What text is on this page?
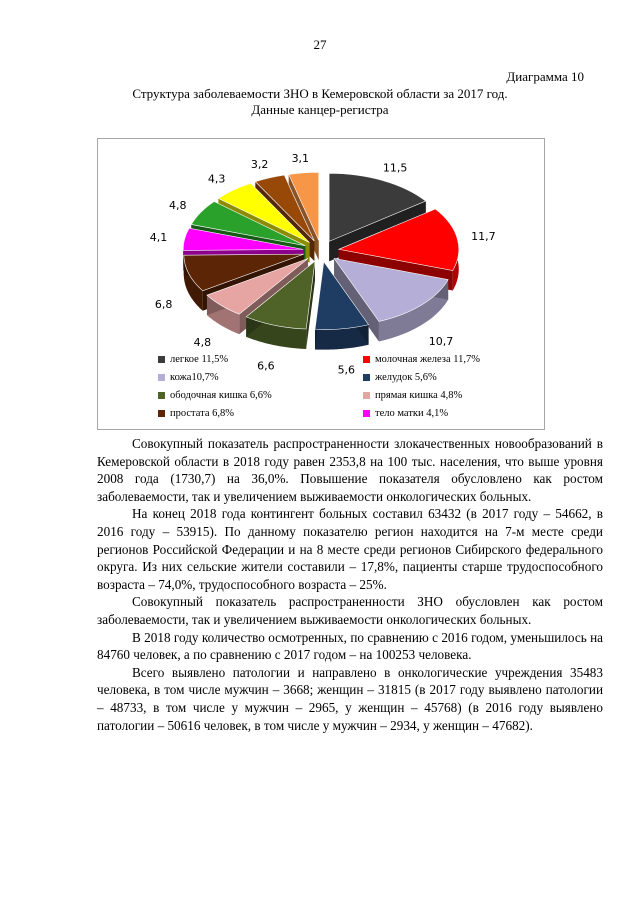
27
Диаграмма 10
Структура заболеваемости ЗНО в Кемеровской области за 2017 год.
Данные канцер-регистра
11,5
11,7
10,7
5,6
6,6
4,8
6,8
4,1
4,8
4,3
3,2 3,1
легкое 11,5%	молочная железа 11,7%
кожа10,7%	желудок 5,6%
ободочная кишка 6,6%	прямая кишка 4,8%
простата 6,8%	тело матки 4,1%

Совокупный показатель распространенности злокачественных новообразований в Кемеровской области в 2018 году равен 2353,8 на 100 тыс. населения, что выше уровня 2008 года (1730,7) на 36,0%. Повышение показателя обусловлено как ростом заболеваемости, так и увеличением выживаемости онкологических больных.

На конец 2018 года контингент больных составил 63432 (в 2017 году – 54662, в 2016 году – 53915). По данному показателю регион находится на 7-м месте среди регионов Российской Федерации и на 8 месте среди регионов Сибирского федерального округа. Из них сельские жители составили – 17,8%, пациенты старше трудоспособного возраста – 74,0%, трудоспособного возраста – 25%.

Совокупный показатель распространенности ЗНО обусловлен как ростом заболеваемости, так и увеличением выживаемости онкологических больных.

В 2018 году количество осмотренных, по сравнению с 2016 годом, уменьшилось на 84760 человек, а по сравнению с 2017 годом – на 100253 человека.

Всего выявлено патологии и направлено в онкологические учреждения 35483 человека, в том числе мужчин – 3668; женщин – 31815 (в 2017 году выявлено патологии – 48733, в том числе у мужчин – 2965, у женщин – 45768) (в 2016 году выявлено патологии – 50616 человек, в том числе у мужчин – 2934, у женщин – 47682).
